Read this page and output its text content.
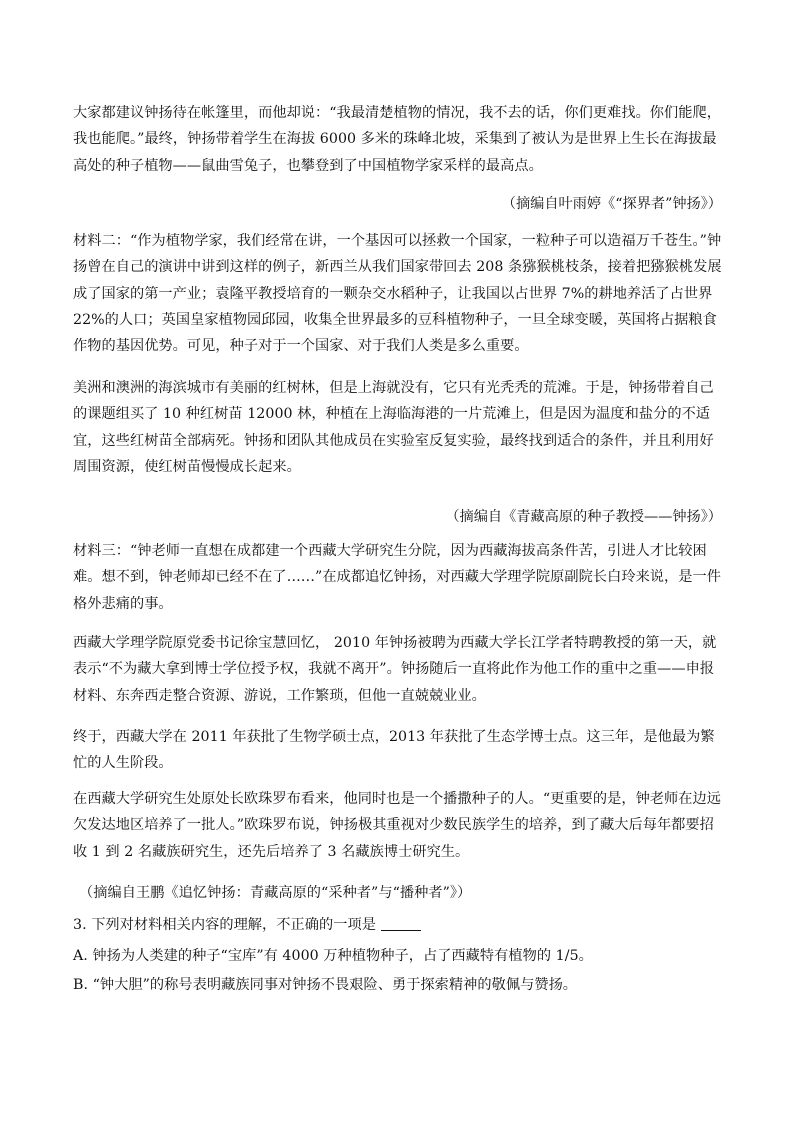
大家都建议钟扬待在帐篷里，而他却说：“我最清楚植物的情况，我不去的话，你们更难找。你们能爬，我也能爬。”最终，钟扬带着学生在海拔 6000 多米的珠峰北坡，采集到了被认为是世界上生长在海拔最高处的种子植物——鼠曲雪兔子，也攀登到了中国植物学家采样的最高点。
（摘编自叶雨婷《“探界者”钟扬》）
材料二：“作为植物学家，我们经常在讲，一个基因可以拯救一个国家，一粒种子可以造福万千苍生。”钟扬曾在自己的演讲中讲到这样的例子，新西兰从我们国家带回去 208 条猕猴桃枝条，接着把猕猴桃发展成了国家的第一产业；袁隆平教授培育的一颗杂交水稻种子，让我国以占世界 7%的耕地养活了占世界 22%的人口；英国皇家植物园邱园，收集全世界最多的豆科植物种子，一旦全球变暖，英国将占据粮食作物的基因优势。可见，种子对于一个国家、对于我们人类是多么重要。
美洲和澳洲的海滨城市有美丽的红树林，但是上海就没有，它只有光秃秃的荒滩。于是，钟扬带着自己的课题组买了 10 种红树苗 12000 林，种植在上海临海港的一片荒滩上，但是因为温度和盐分的不适宜，这些红树苗全部病死。钟扬和团队其他成员在实验室反复实验，最终找到适合的条件，并且利用好周围资源，使红树苗慢慢成长起来。
（摘编自《青藏高原的种子教授——钟扬》）
材料三：“钟老师一直想在成都建一个西藏大学研究生分院，因为西藏海拔高条件苦，引进人才比较困难。想不到，钟老师却已经不在了……”在成都追忆钟扬，对西藏大学理学院原副院长白玲来说，是一件格外悲痛的事。
西藏大学理学院原党委书记徐宝慧回忆， 2010 年钟扬被聘为西藏大学长江学者特聘教授的第一天，就表示“不为藏大拿到博士学位授予权，我就不离开”。钟扬随后一直将此作为他工作的重中之重——申报材料、东奔西走整合资源、游说，工作繁琐，但他一直兢兢业业。
终于，西藏大学在 2011 年获批了生物学硕士点，2013 年获批了生态学博士点。这三年，是他最为繁忙的人生阶段。
在西藏大学研究生处原处长欧珠罗布看来，他同时也是一个播撒种子的人。“更重要的是，钟老师在边远欠发达地区培养了一批人。”欧珠罗布说，钟扬极其重视对少数民族学生的培养，到了藏大后每年都要招收 1 到 2 名藏族研究生，还先后培养了 3 名藏族博士研究生。
（摘编自王鹏《追忆钟扬：青藏高原的“采种者”与“播种者”》）
3. 下列对材料相关内容的理解，不正确的一项是
A. 钟扬为人类建的种子“宝库”有 4000 万种植物种子，占了西藏特有植物的 1/5。
B. “钟大胆”的称号表明藏族同事对钟扬不畏艰险、勇于探索精神的敬佩与赞扬。
